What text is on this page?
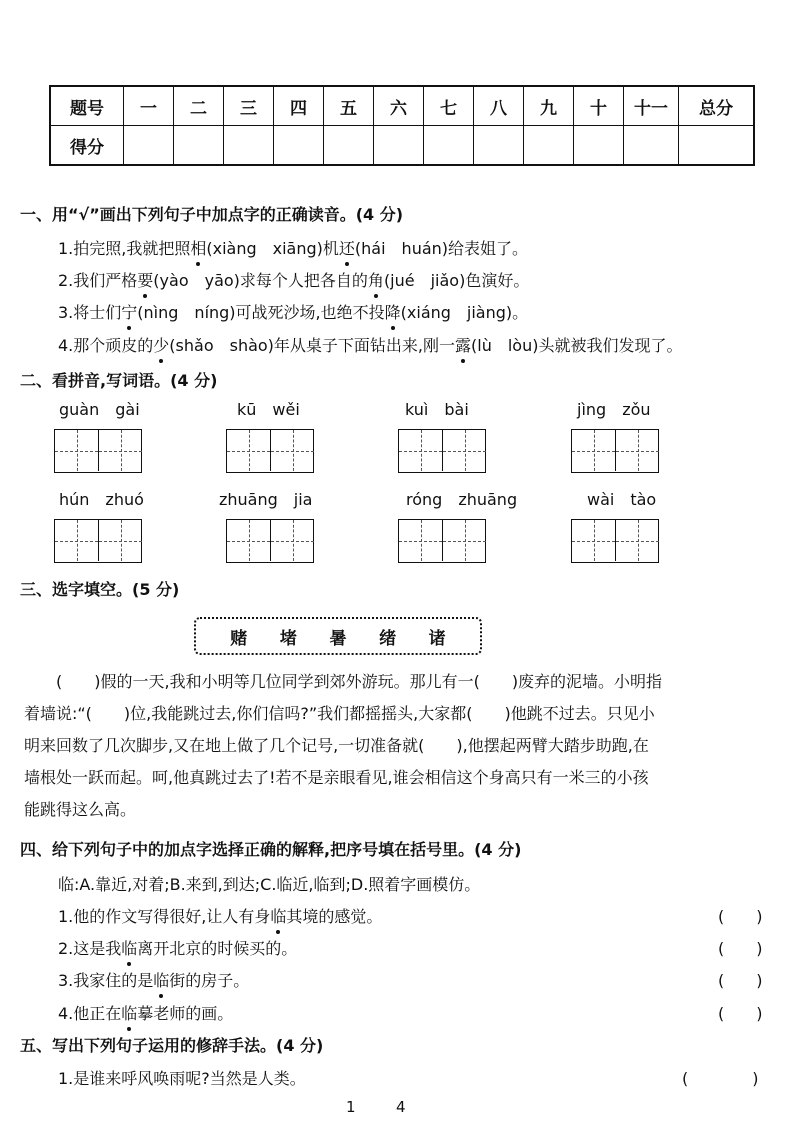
题号	一	二	三	四	五	六	七	八	九	十	十一	总分
得分												
一、用“√”画出下列句子中加点字的正确读音。(4 分)
1.拍完照,我就把照相(xiàng　xiāng)机还(hái　huán)给表姐了。
2.我们严格要(yào　yāo)求每个人把各自的角(jué　jiǎo)色演好。
3.将士们宁(nìng　níng)可战死沙场,也绝不投降(xiáng　jiàng)。
4.那个顽皮的少(shǎo　shào)年从桌子下面钻出来,刚一露(lù　lòu)头就被我们发现了。
二、看拼音,写词语。(4 分)
guàn　gài	kū　wěi	kuì　bài	jìng　zǒu
hún　zhuó	zhuāng　jia	róng　zhuāng	wài　tào
三、选字填空。(5 分)
赌 堵 暑 绪 诸
(　　)假的一天,我和小明等几位同学到郊外游玩。那儿有一(　　)废弃的泥墙。小明指
着墙说:“(　　)位,我能跳过去,你们信吗?”我们都摇摇头,大家都(　　)他跳不过去。只见小
明来回数了几次脚步,又在地上做了几个记号,一切准备就(　　),他摆起两臂大踏步助跑,在
墙根处一跃而起。呵,他真跳过去了!若不是亲眼看见,谁会相信这个身高只有一米三的小孩
能跳得这么高。
四、给下列句子中的加点字选择正确的解释,把序号填在括号里。(4 分)
临:A.靠近,对着;B.来到,到达;C.临近,临到;D.照着字画模仿。
1.他的作文写得很好,让人有身临其境的感觉。	(　　)
2.这是我临离开北京的时候买的。	(　　)
3.我家住的是临街的房子。	(　　)
4.他正在临摹老师的画。	(　　)
五、写出下列句子运用的修辞手法。(4 分)
1.是谁来呼风唤雨呢?当然是人类。	(　　　　)
1	4
